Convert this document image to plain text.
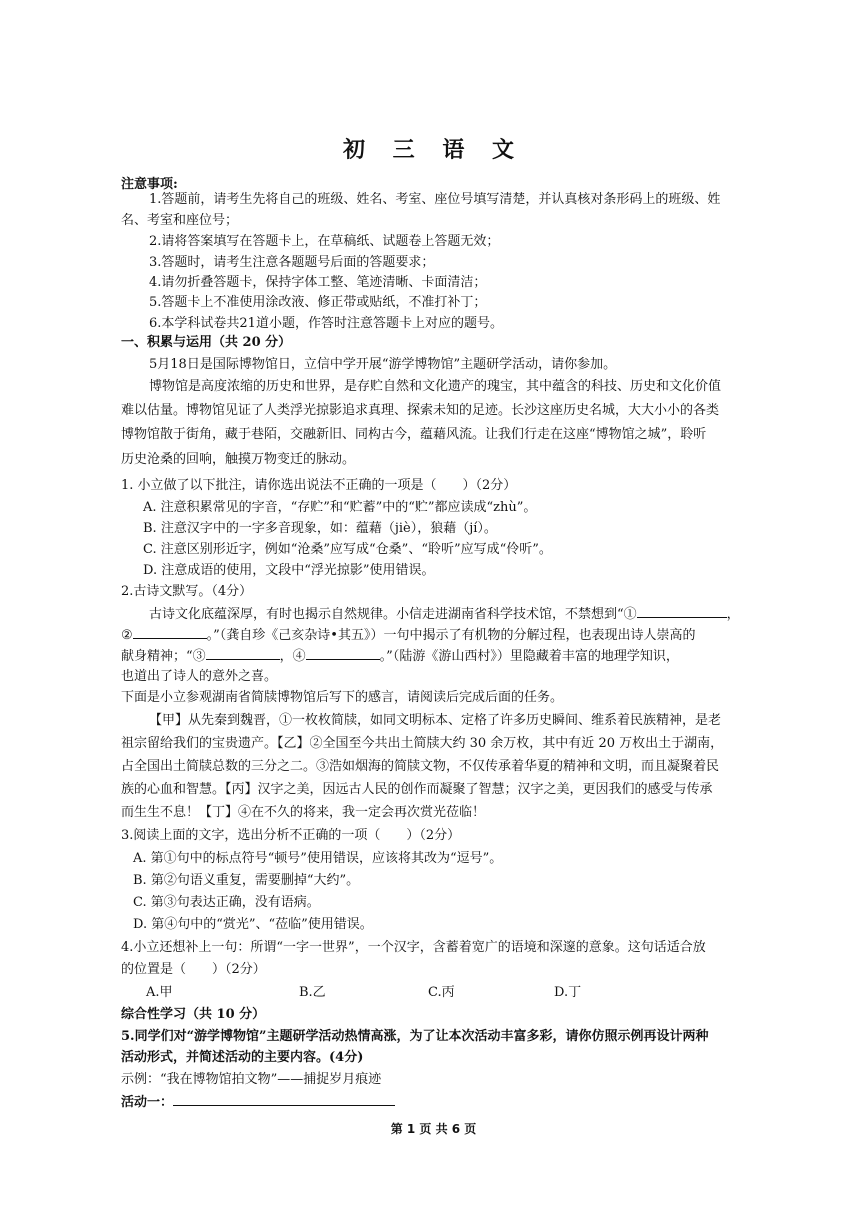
初 三 语 文
注意事项:
1.答题前，请考生先将自己的班级、姓名、考室、座位号填写清楚，并认真核对条形码上的班级、姓
名、考室和座位号；
2.请将答案填写在答题卡上，在草稿纸、试题卷上答题无效；
3.答题时，请考生注意各题题号后面的答题要求；
4.请勿折叠答题卡，保持字体工整、笔迹清晰、卡面清洁；
5.答题卡上不准使用涂改液、修正带或贴纸，不准打补丁；
6.本学科试卷共21道小题，作答时注意答题卡上对应的题号。
一、积累与运用（共 20 分）
5月18日是国际博物馆日，立信中学开展“游学博物馆”主题研学活动，请你参加。
博物馆是高度浓缩的历史和世界，是存贮自然和文化遗产的瑰宝，其中蕴含的科技、历史和文化价值
难以估量。博物馆见证了人类浮光掠影追求真理、探索未知的足迹。长沙这座历史名城，大大小小的各类
博物馆散于街角，藏于巷陌，交融新旧、同构古今，蕴藉风流。让我们行走在这座“博物馆之城”，聆听
历史沧桑的回响，触摸万物变迁的脉动。
1. 小立做了以下批注，请你选出说法不正确的一项是（　　）（2分）
A. 注意积累常见的字音，“存贮”和“贮蓄”中的“贮”都应读成“zhù”。
B. 注意汉字中的一字多音现象，如：蕴藉（jiè），狼藉（jí）。
C. 注意区别形近字，例如“沧桑”应写成“仓桑”、“聆听”应写成“伶听”。
D. 注意成语的使用，文段中“浮光掠影”使用错误。
2.古诗文默写。（4分）
古诗文化底蕴深厚，有时也揭示自然规律。小信走进湖南省科学技术馆，不禁想到“①	，
②	。”（龚自珍《己亥杂诗•其五》）一句中揭示了有机物的分解过程，也表现出诗人崇高的
献身精神；“③	，④	。”（陆游《游山西村》）里隐藏着丰富的地理学知识，
也道出了诗人的意外之喜。
下面是小立参观湖南省简牍博物馆后写下的感言，请阅读后完成后面的任务。
【甲】从先秦到魏晋，①一枚枚简牍，如同文明标本、定格了许多历史瞬间、维系着民族精神，是老
祖宗留给我们的宝贵遗产。【乙】②全国至今共出土简牍大约 30 余万枚，其中有近 20 万枚出土于湖南，
占全国出土简牍总数的三分之二。③浩如烟海的简牍文物，不仅传承着华夏的精神和文明，而且凝聚着民
族的心血和智慧。【丙】汉字之美，因远古人民的创作而凝聚了智慧；汉字之美，更因我们的感受与传承
而生生不息！【丁】④在不久的将来，我一定会再次赏光莅临！
3.阅读上面的文字，选出分析不正确的一项（　　）（2分）
A. 第①句中的标点符号“顿号”使用错误，应该将其改为“逗号”。
B. 第②句语义重复，需要删掉“大约”。
C. 第③句表达正确，没有语病。
D. 第④句中的“赏光”、“莅临”使用错误。
4.小立还想补上一句：所谓“一字一世界”，一个汉字，含蓄着宽广的语境和深邃的意象。这句话适合放
的位置是（　　）（2分）
A.甲	B.乙	C.丙	D.丁
综合性学习（共 10 分）
5.同学们对“游学博物馆”主题研学活动热情高涨，为了让本次活动丰富多彩，请你仿照示例再设计两种
活动形式，并简述活动的主要内容。(4分)
示例：“我在博物馆拍文物”——捕捉岁月痕迹
活动一：
第 1 页 共 6 页
